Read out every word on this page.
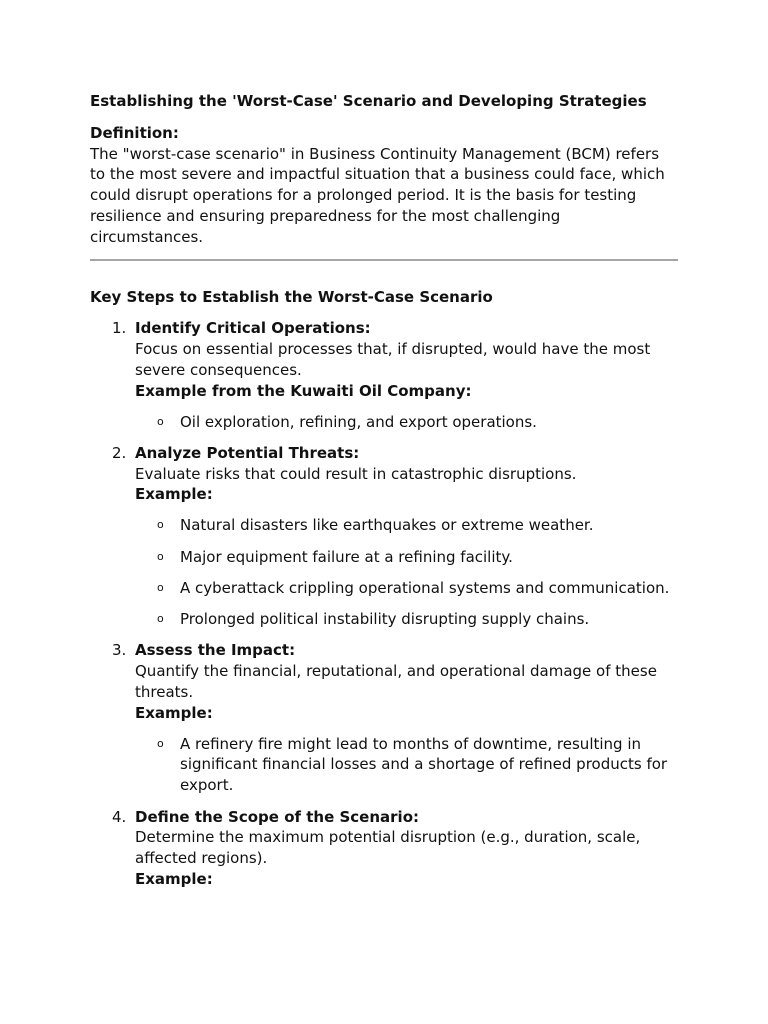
Establishing the 'Worst-Case' Scenario and Developing Strategies

Definition:

The "worst-case scenario" in Business Continuity Management (BCM) refers to the most severe and impactful situation that a business could face, which could disrupt operations for a prolonged period. It is the basis for testing resilience and ensuring preparedness for the most challenging circumstances.

Key Steps to Establish the Worst-Case Scenario

1. Identify Critical Operations:
Focus on essential processes that, if disrupted, would have the most severe consequences.
Example from the Kuwaiti Oil Company:
o Oil exploration, refining, and export operations.
2. Analyze Potential Threats:
Evaluate risks that could result in catastrophic disruptions.
Example:
o Natural disasters like earthquakes or extreme weather.
o Major equipment failure at a refining facility.
o A cyberattack crippling operational systems and communication.
o Prolonged political instability disrupting supply chains.
3. Assess the Impact:
Quantify the financial, reputational, and operational damage of these threats.
Example:
o A refinery fire might lead to months of downtime, resulting in significant financial losses and a shortage of refined products for export.
4. Define the Scope of the Scenario:
Determine the maximum potential disruption (e.g., duration, scale, affected regions).
Example:
